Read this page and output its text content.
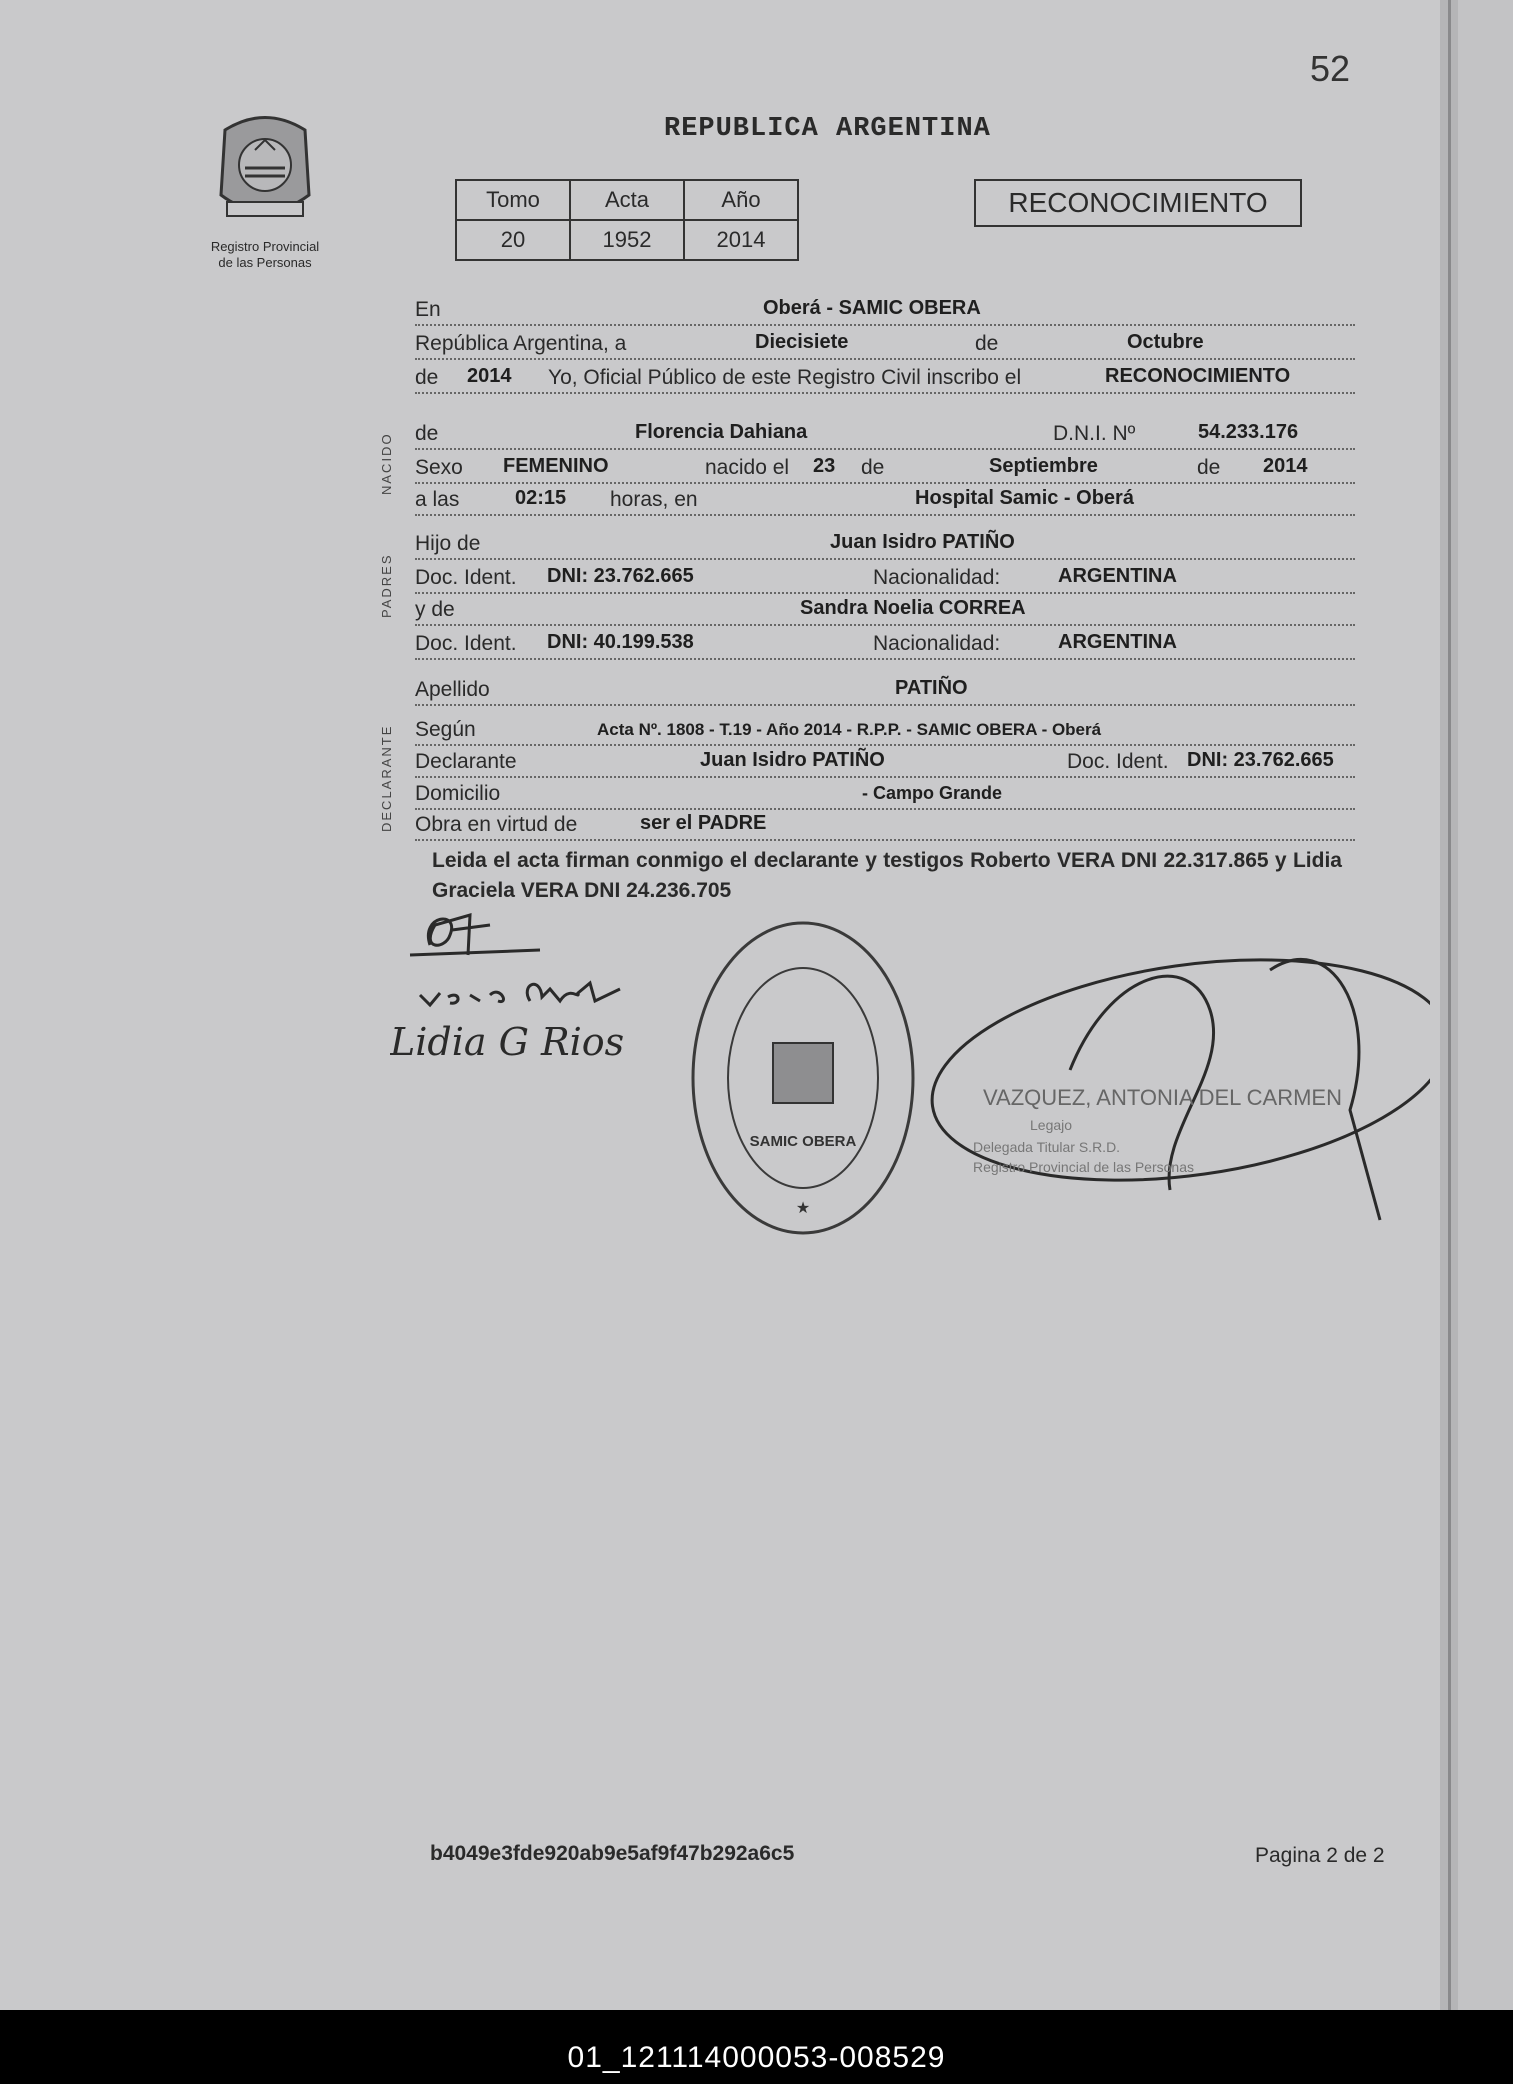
52
Registro Provincial
de las Personas
REPUBLICA ARGENTINA
Tomo	Acta	Año
20	1952	2014
RECONOCIMIENTO
NACIDO
PADRES
DECLARANTE
En	Oberá - SAMIC OBERA
República Argentina, a	Diecisiete	de	Octubre
de 2014 Yo, Oficial Público de este Registro Civil inscribo el	RECONOCIMIENTO
de	Florencia Dahiana	D.N.I. Nº	54.233.176
Sexo FEMENINO	nacido el 23 de	Septiembre	de 2014
a las	02:15 horas, en	Hospital Samic - Oberá
Hijo de	Juan Isidro PATIÑO
Doc. Ident. DNI: 23.762.665	Nacionalidad:	ARGENTINA
y de	Sandra Noelia CORREA
Doc. Ident. DNI: 40.199.538	Nacionalidad:	ARGENTINA
Apellido	PATIÑO
Según	Acta Nº. 1808 - T.19 - Año 2014 - R.P.P. - SAMIC OBERA - Oberá
Declarante	Juan Isidro PATIÑO	Doc. Ident. DNI: 23.762.665
Domicilio	- Campo Grande
Obra en virtud de	ser el PADRE
Leida el acta firman conmigo el declarante y testigos Roberto VERA DNI 22.317.865 y Lidia Graciela VERA DNI 24.236.705
Lidia G Rios
★
SAMIC OBERA
VAZQUEZ, ANTONIA DEL CARMEN
Legajo
Delegada Titular S.R.D.
Registro Provincial de las Personas
b4049e3fde920ab9e5af9f47b292a6c5	Pagina 2 de 2
01_121114000053-008529
